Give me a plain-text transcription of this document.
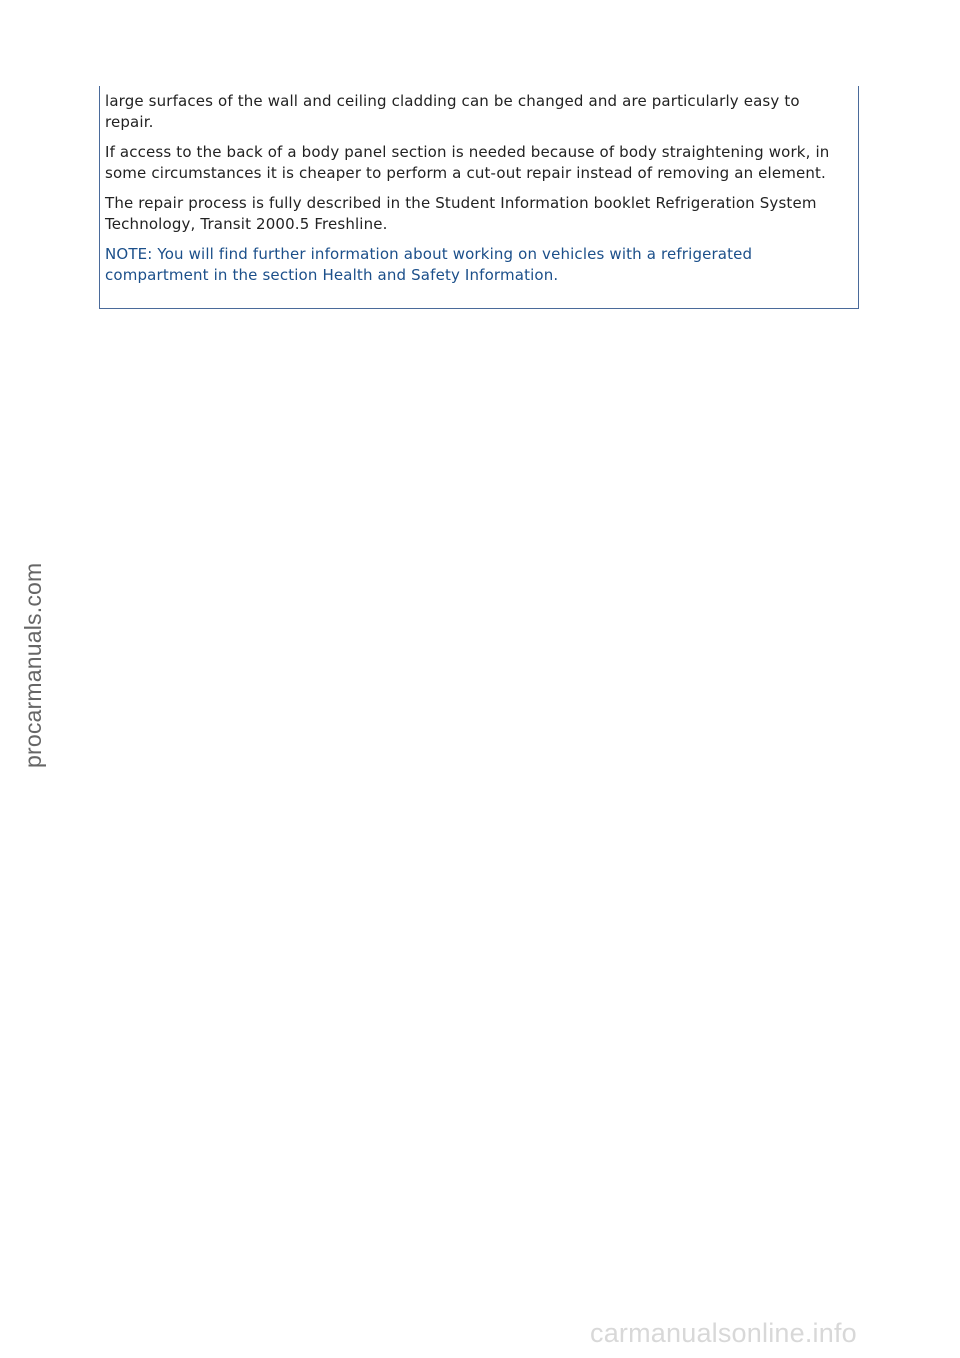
large surfaces of the wall and ceiling cladding can be changed and are particularly easy to repair.

If access to the back of a body panel section is needed because of body straightening work, in some circumstances it is cheaper to perform a cut-out repair instead of removing an element.

The repair process is fully described in the Student Information booklet Refrigeration System Technology, Transit 2000.5 Freshline.

NOTE: You will find further information about working on vehicles with a refrigerated compartment in the section Health and Safety Information.

procarmanuals.com
carmanualsonline.info
